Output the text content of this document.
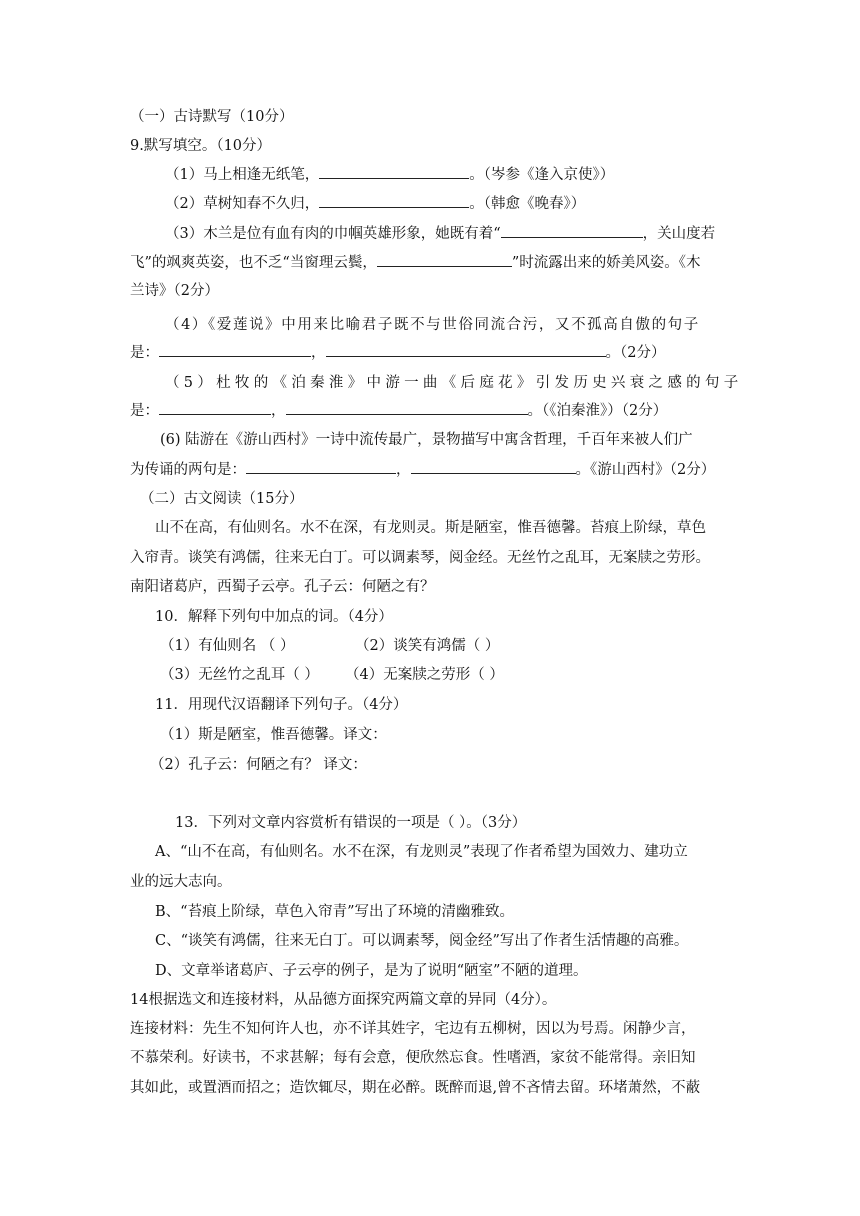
（一）古诗默写（10分）
9.默写填空。（10分）
（1）马上相逢无纸笔，	。（岑参《逢入京使》）
（2）草树知春不久归，	。（韩愈《晚春》）
（3）木兰是位有血有肉的巾帼英雄形象，她既有着“	，关山度若
飞”的飒爽英姿，也不乏“当窗理云鬓，	”时流露出来的娇美风姿。《木
兰诗》（2分）
（4）《爱莲说》中用来比喻君子既不与世俗同流合污，又不孤高自傲的句子
是：	，	。（2分）
（5）杜牧的《泊秦淮》中游一曲《后庭花》引发历史兴衰之感的句子
是：	，	。（《泊秦淮》）（2分）
(6) 陆游在《游山西村》一诗中流传最广，景物描写中寓含哲理，千百年来被人们广
为传诵的两句是：	，	。《游山西村》（2分）
（二）古文阅读（15分）
山不在高，有仙则名。水不在深，有龙则灵。斯是陋室，惟吾德馨。苔痕上阶绿，草色
入帘青。谈笑有鸿儒，往来无白丁。可以调素琴，阅金经。无丝竹之乱耳，无案牍之劳形。
南阳诸葛庐，西蜀子云亭。孔子云：何陋之有？
10．解释下列句中加点的词。（4分）
（1）有仙则名 （ ）	（2）谈笑有鸿儒（ ）
（3）无丝竹之乱耳（ ） （4）无案牍之劳形（ ）
11．用现代汉语翻译下列句子。（4分）
（1）斯是陋室，惟吾德馨。译文：
（2）孔子云：何陋之有？ 译文：
13．下列对文章内容赏析有错误的一项是（ ）。（3分）
A、“山不在高，有仙则名。水不在深，有龙则灵”表现了作者希望为国效力、建功立
业的远大志向。
B、“苔痕上阶绿，草色入帘青”写出了环境的清幽雅致。
C、“谈笑有鸿儒，往来无白丁。可以调素琴，阅金经”写出了作者生活情趣的高雅。
D、文章举诸葛庐、子云亭的例子，是为了说明“陋室”不陋的道理。
14根据选文和连接材料，从品德方面探究两篇文章的异同（4分）。
连接材料：先生不知何许人也，亦不详其姓字，宅边有五柳树，因以为号焉。闲静少言，
不慕荣利。好读书，不求甚解；每有会意，便欣然忘食。性嗜酒，家贫不能常得。亲旧知
其如此，或置酒而招之；造饮辄尽，期在必醉。既醉而退,曾不吝情去留。环堵萧然，不蔽
